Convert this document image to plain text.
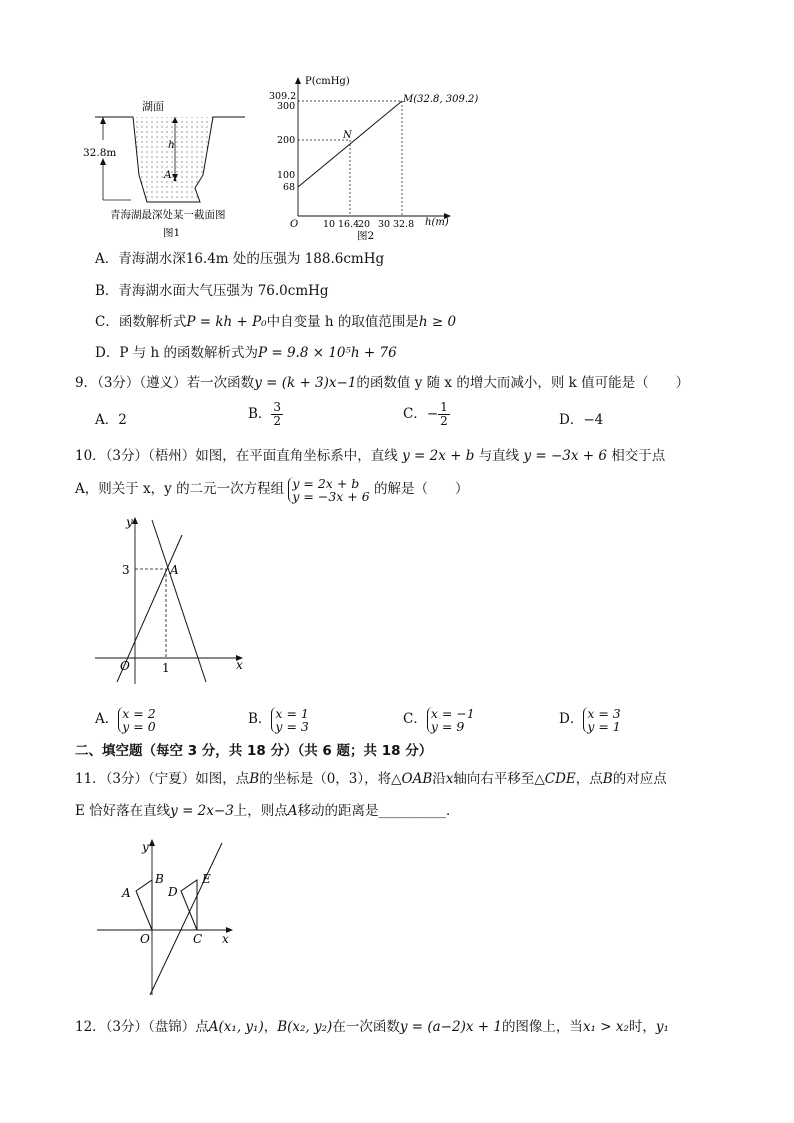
湖面
32.8m
h
A
青海湖最深处某一截面图
图1
P(cmHg)
309.2
300
200
100
68
O	10 16.4
20 30 32.8 h(m)
M(32.8, 309.2)
N
图2
A．青海湖水深16.4m 处的压强为 188.6cmHg
B．青海湖水面大气压强为 76.0cmHg
C．函数解析式P = kh + P₀中自变量 h 的取值范围是h ≥ 0
D．P 与 h 的函数解析式为P = 9.8 × 10⁵h + 76
9．（3分）（遵义）若一次函数y = (k + 3)x−1的函数值 y 随 x 的增大而减小，则 k 值可能是（　　）
A．2	B． $\frac{3}{2}$	C．− $\frac{1}{2}$	D．−4
10．（3分）（梧州）如图，在平面直角坐标系中，直线 y = 2x + b 与直线 y = −3x + 6 相交于点
A，则关于 x，y 的二元一次方程组 y = 2x + b
y = −3x + 6 的解是（　　）
y
x
O
3
1
A
A． x = 2
y = 0	B． x = 1
y = 3	C． x = −1
y = 9	D． x = 3
y = 1
二、填空题（每空 3 分，共 18 分）（共 6 题；共 18 分）
11．（3分）（宁夏）如图，点B的坐标是（0，3），将△OAB沿x轴向右平移至△CDE，点B的对应点
E 恰好落在直线y = 2x−3上，则点A移动的距离是__________．
y
x
O
A
B
C
D
E
12．（3分）（盘锦）点A(x₁, y₁)，B(x₂, y₂)在一次函数y = (a−2)x + 1的图像上，当x₁ > x₂时，y₁
